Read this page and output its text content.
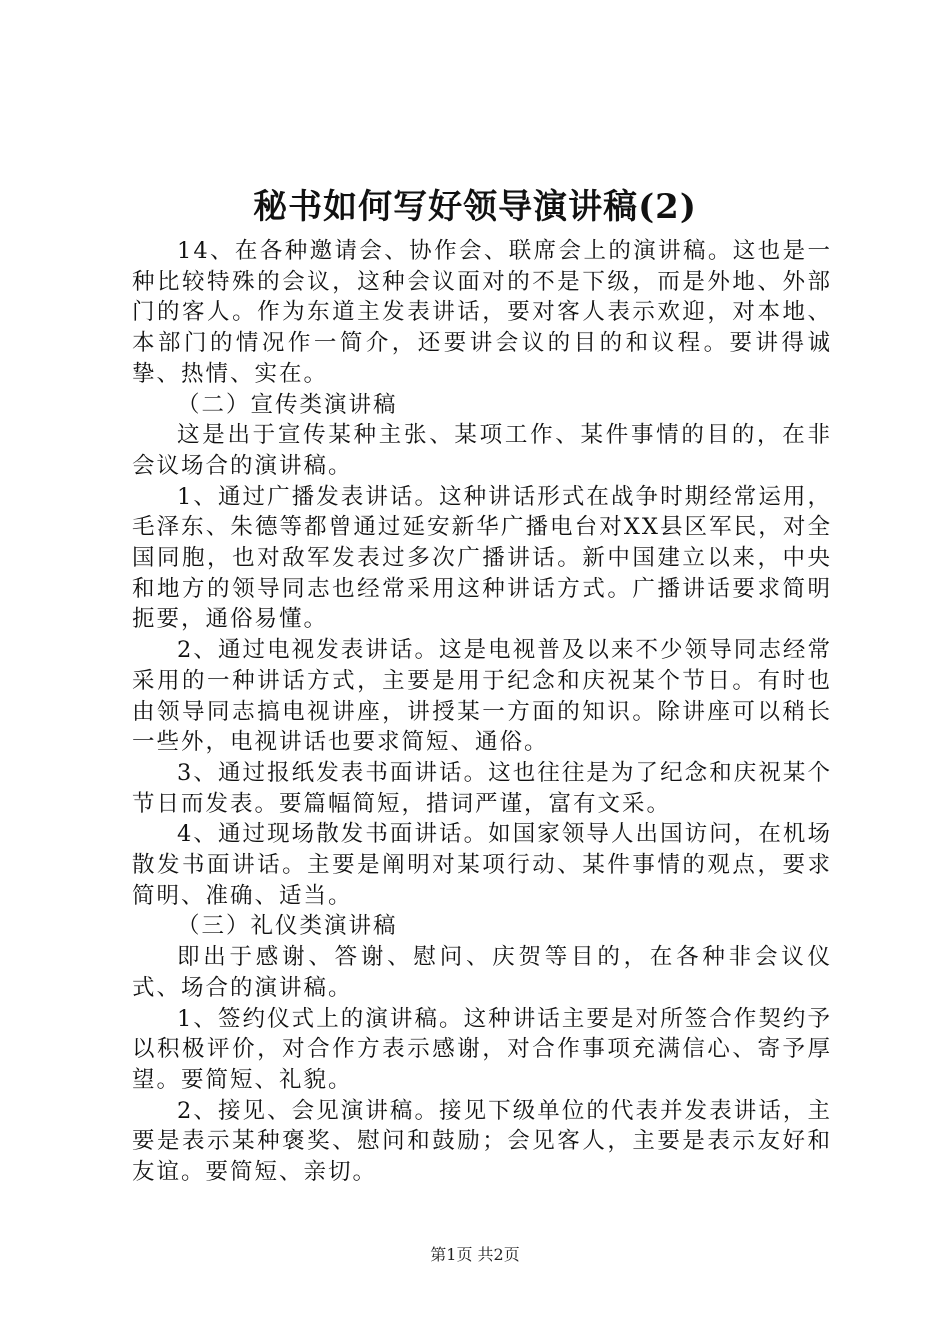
秘书如何写好领导演讲稿(2)

14、在各种邀请会、协作会、联席会上的演讲稿。这也是一种比较特殊的会议，这种会议面对的不是下级，而是外地、外部门的客人。作为东道主发表讲话，要对客人表示欢迎，对本地、本部门的情况作一简介，还要讲会议的目的和议程。要讲得诚挚、热情、实在。

（二）宣传类演讲稿

这是出于宣传某种主张、某项工作、某件事情的目的，在非会议场合的演讲稿。

1、通过广播发表讲话。这种讲话形式在战争时期经常运用，毛泽东、朱德等都曾通过延安新华广播电台对XX县区军民，对全国同胞，也对敌军发表过多次广播讲话。新中国建立以来，中央和地方的领导同志也经常采用这种讲话方式。广播讲话要求简明扼要，通俗易懂。

2、通过电视发表讲话。这是电视普及以来不少领导同志经常采用的一种讲话方式，主要是用于纪念和庆祝某个节日。有时也由领导同志搞电视讲座，讲授某一方面的知识。除讲座可以稍长一些外，电视讲话也要求简短、通俗。

3、通过报纸发表书面讲话。这也往往是为了纪念和庆祝某个节日而发表。要篇幅简短，措词严谨，富有文采。

4、通过现场散发书面讲话。如国家领导人出国访问，在机场散发书面讲话。主要是阐明对某项行动、某件事情的观点，要求简明、准确、适当。

（三）礼仪类演讲稿

即出于感谢、答谢、慰问、庆贺等目的，在各种非会议仪式、场合的演讲稿。

1、签约仪式上的演讲稿。这种讲话主要是对所签合作契约予以积极评价，对合作方表示感谢，对合作事项充满信心、寄予厚望。要简短、礼貌。

2、接见、会见演讲稿。接见下级单位的代表并发表讲话，主要是表示某种褒奖、慰问和鼓励；会见客人，主要是表示友好和友谊。要简短、亲切。

第1页 共2页
